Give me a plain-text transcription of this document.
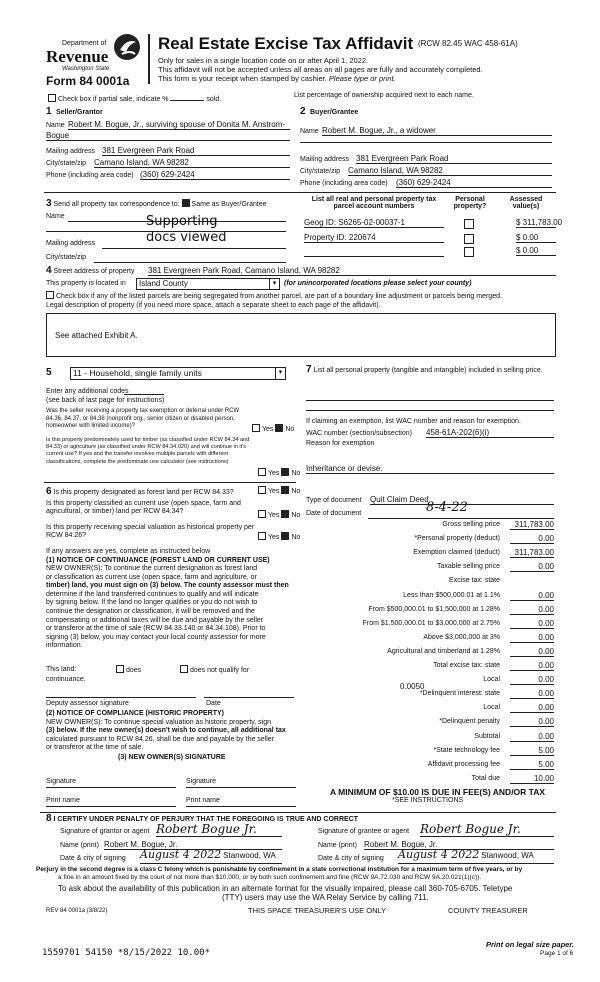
Department of
Revenue
Washington State
Form 84 0001a
Real Estate Excise Tax Affidavit (RCW 82.45 WAC 458-61A)
Only for sales in a single location code on or after April 1, 2022.
This affidavit will not be accepted unless all areas on all pages are fully and accurately completed.
This form is your receipt when stamped by cashier. Please type or print.
Check box if partial sale, indicate %	sold.
List percentage of ownership acquired next to each name.
1 Seller/Grantor
Name Robert M. Bogue, Jr., surviving spouse of Donita M. Anstrom-
Bogue
Mailing address 381 Evergreen Park Road
City/state/zip Camano Island, WA 98282
Phone (including area code) (360) 629-2424
2 Buyer/Grantee
Name Robert M. Bogue, Jr., a widower
Mailing address 381 Evergreen Park Road
City/state/zip Camano Island, WA 98282
Phone (including area code) (360) 629-2424
3 Send all property tax correspondence to: Same as Buyer/Grantee
Name	Supporting
Mailing address	docs viewed
City/state/zip
List all real and personal property tax parcel account numbers
Personal property?
Assessed value(s)
Geog ID: S6265-02-00037-1	$ 311,783.00
Property ID: 220674	$ 0.00
$ 0.00
4 Street address of property 381 Evergreen Park Road, Camano Island, WA 98282
This property is located in	Island County	▾	(for unincorporated locations please select your county)
Check box if any of the listed parcels are being segregated from another parcel, are part of a boundary line adjustment or parcels being merged.
Legal description of property (if you need more space, attach a separate sheet to each page of the affidavit).
See attached Exhibit A.
5	11 - Household, single family units	▾
Enter any additional codes
(see back of last page for instructions)
Was the seller receiving a property tax exemption or deferral under RCW 84.36, 84.37, or 84.38 (nonprofit org., senior citizen or disabled person, homeowner with limited income)?	Yes No
Is this property predominately used for timber (as classified under RCW 84.34 and 84.33) or agriculture (as classified under RCW 84.34.020) and will continue in it's current use? If yes and the transfer involves multiple parcels with different classifications, complete the predominate use calculator (see instructions)
Yes No
6 Is this property designated as forest land per RCW 84.33?	Yes No
Is this property classified as current use (open space, farm and agricultural, or timber) land per RCW 84.34?
Yes No
Is this property receiving special valuation as historical property per RCW 84.26?	Yes No
If any answers are yes, complete as instructed below
(1) NOTICE OF CONTINUANCE (FOREST LAND OR CURRENT USE)
NEW OWNER(S): To continue the current designation as forest land
or classification as current use (open space, farm and agriculture, or
timber) land, you must sign on (3) below. The county assessor must then
determine if the land transferred continues to qualify and will indicate
by signing below. If the land no longer qualifies or you do not wish to
continue the designation or classification, it will be removed and the
compensating or additional taxes will be due and payable by the seller
or transferor at the time of sale (RCW 84.33.140 or 84.34.108). Prior to
signing (3) below, you may contact your local county assessor for more
information.
This land:	does	does not qualify for
continuance.
Deputy assessor signature	Date
(2) NOTICE OF COMPLIANCE (HISTORIC PROPERTY)
NEW OWNER(S): To continue special valuation as historic property, sign
(3) below. If the new owner(s) doesn't wish to continue, all additional tax
calculated pursuant to RCW 84.26, shall be due and payable by the seller
or transferor at the time of sale.
(3) NEW OWNER(S) SIGNATURE
Signature	Signature
Print name	Print name
7 List all personal property (tangible and intangible) included in selling price.
If claiming an exemption, list WAC number and reason for exemption.
WAC number (section/subsection) 458-61A-202(6)(i)
Reason for exemption
Inheritance or devise.
Type of document Quit Claim Deed
Date of document	8-4-22
Gross selling price	311,783.00
*Personal property (deduct)	0.00
Exemption claimed (deduct)	311,783.00
Taxable selling price	0.00
Excise tax: state
Less than $500,000.01 at 1.1%	0.00
From $500,000.01 to $1,500,000 at 1.28%	0.00
From $1,500,000.01 to $3,000,000 at 2.75%	0.00
Above $3,000,000 at 3%	0.00
Agricultural and timberland at 1.28%	0.00
Total excise tax: state	0.00
Local	0.00
*Delinquent interest: state	0.00
Local	0.00
*Delinquent penalty	0.00
Subtotal	0.00
*State technology fee	5.00
Affidavit processing fee	5.00
Total due	10.00
0.0050
A MINIMUM OF $10.00 IS DUE IN FEE(S) AND/OR TAX
*SEE INSTRUCTIONS
8 I CERTIFY UNDER PENALTY OF PERJURY THAT THE FOREGOING IS TRUE AND CORRECT
Signature of grantor or agent Robert Bogue Jr.
Name (print) Robert M. Bogue, Jr.
Date & city of signing August 4 2022 Stanwood, WA
Signature of grantee or agent Robert Bogue Jr.
Name (print) Robert M. Bogue, Jr.
Date & city of signing August 4 2022 Stanwood, WA
Perjury in the second degree is a class C felony which is punishable by confinement in a state correctional institution for a maximum term of five years, or by
a fine in an amount fixed by the court of not more than $10,000, or by both such confinement and fine (RCW 9A.72.030 and RCW 9A.20.021(1)(c)).
To ask about the availability of this publication in an alternate format for the visually impaired, please call 360-705-6705. Teletype
(TTY) users may use the WA Relay Service by calling 711.
REV 84 0001a (3/8/22)	THIS SPACE TREASURER'S USE ONLY	COUNTY TREASURER
Print on legal size paper.
Page 1 of 6
1559701 54150 *8/15/2022 10.00*
